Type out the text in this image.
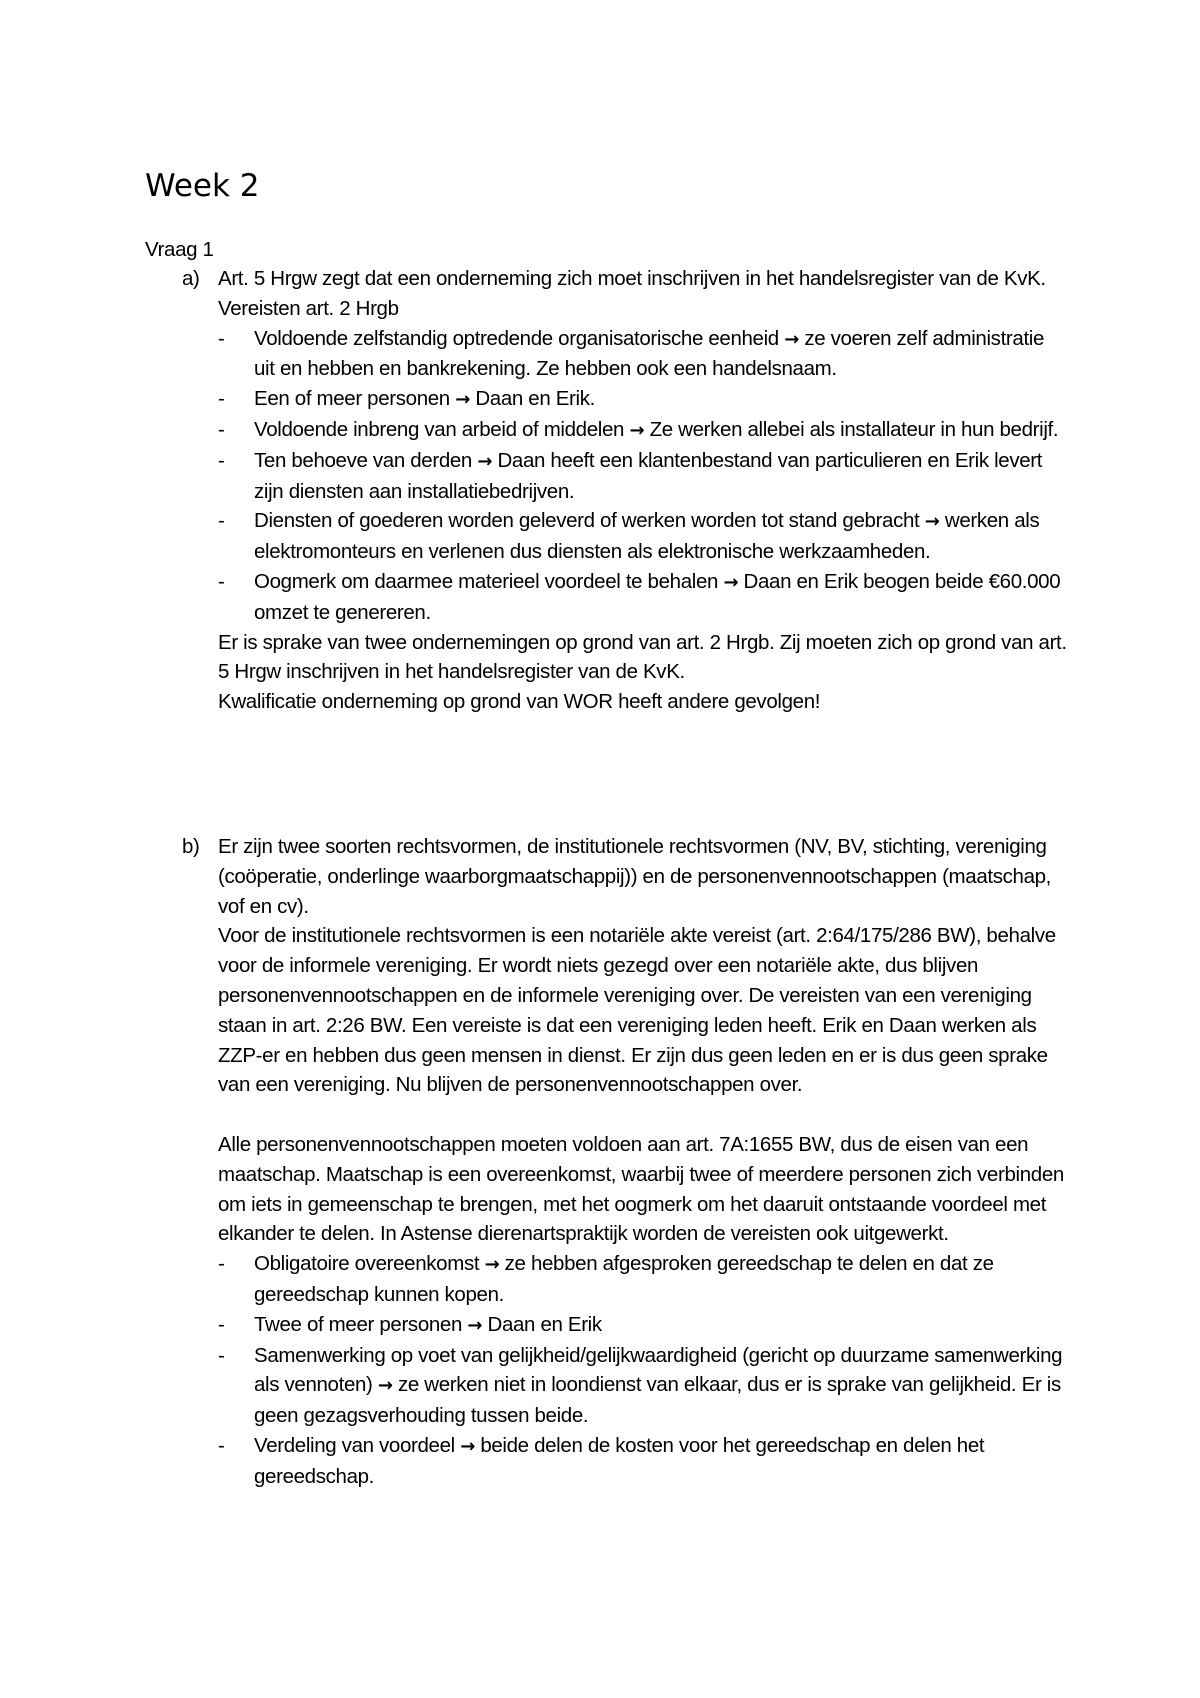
Week 2

Vraag 1

a) Art. 5 Hrgw zegt dat een onderneming zich moet inschrijven in het handelsregister van de KvK.

Vereisten art. 2 Hrgb

- Voldoende zelfstandig optredende organisatorische eenheid → ze voeren zelf administratie uit en hebben en bankrekening. Ze hebben ook een handelsnaam.
- Een of meer personen → Daan en Erik.
- Voldoende inbreng van arbeid of middelen → Ze werken allebei als installateur in hun bedrijf.
- Ten behoeve van derden → Daan heeft een klantenbestand van particulieren en Erik levert zijn diensten aan installatiebedrijven.
- Diensten of goederen worden geleverd of werken worden tot stand gebracht → werken als elektromonteurs en verlenen dus diensten als elektronische werkzaamheden.
- Oogmerk om daarmee materieel voordeel te behalen → Daan en Erik beogen beide €60.000 omzet te genereren.

Er is sprake van twee ondernemingen op grond van art. 2 Hrgb. Zij moeten zich op grond van art. 5 Hrgw inschrijven in het handelsregister van de KvK.

Kwalificatie onderneming op grond van WOR heeft andere gevolgen!

b) Er zijn twee soorten rechtsvormen, de institutionele rechtsvormen (NV, BV, stichting, vereniging (coöperatie, onderlinge waarborgmaatschappij)) en de personenvennootschappen (maatschap, vof en cv).

Voor de institutionele rechtsvormen is een notariële akte vereist (art. 2:64/175/286 BW), behalve voor de informele vereniging. Er wordt niets gezegd over een notariële akte, dus blijven personenvennootschappen en de informele vereniging over. De vereisten van een vereniging staan in art. 2:26 BW. Een vereiste is dat een vereniging leden heeft. Erik en Daan werken als ZZP-er en hebben dus geen mensen in dienst. Er zijn dus geen leden en er is dus geen sprake van een vereniging. Nu blijven de personenvennootschappen over.

Alle personenvennootschappen moeten voldoen aan art. 7A:1655 BW, dus de eisen van een maatschap. Maatschap is een overeenkomst, waarbij twee of meerdere personen zich verbinden om iets in gemeenschap te brengen, met het oogmerk om het daaruit ontstaande voordeel met elkander te delen. In Astense dierenartspraktijk worden de vereisten ook uitgewerkt.

- Obligatoire overeenkomst → ze hebben afgesproken gereedschap te delen en dat ze gereedschap kunnen kopen.
- Twee of meer personen → Daan en Erik
- Samenwerking op voet van gelijkheid/gelijkwaardigheid (gericht op duurzame samenwerking als vennoten) → ze werken niet in loondienst van elkaar, dus er is sprake van gelijkheid. Er is geen gezagsverhouding tussen beide.
- Verdeling van voordeel → beide delen de kosten voor het gereedschap en delen het gereedschap.
